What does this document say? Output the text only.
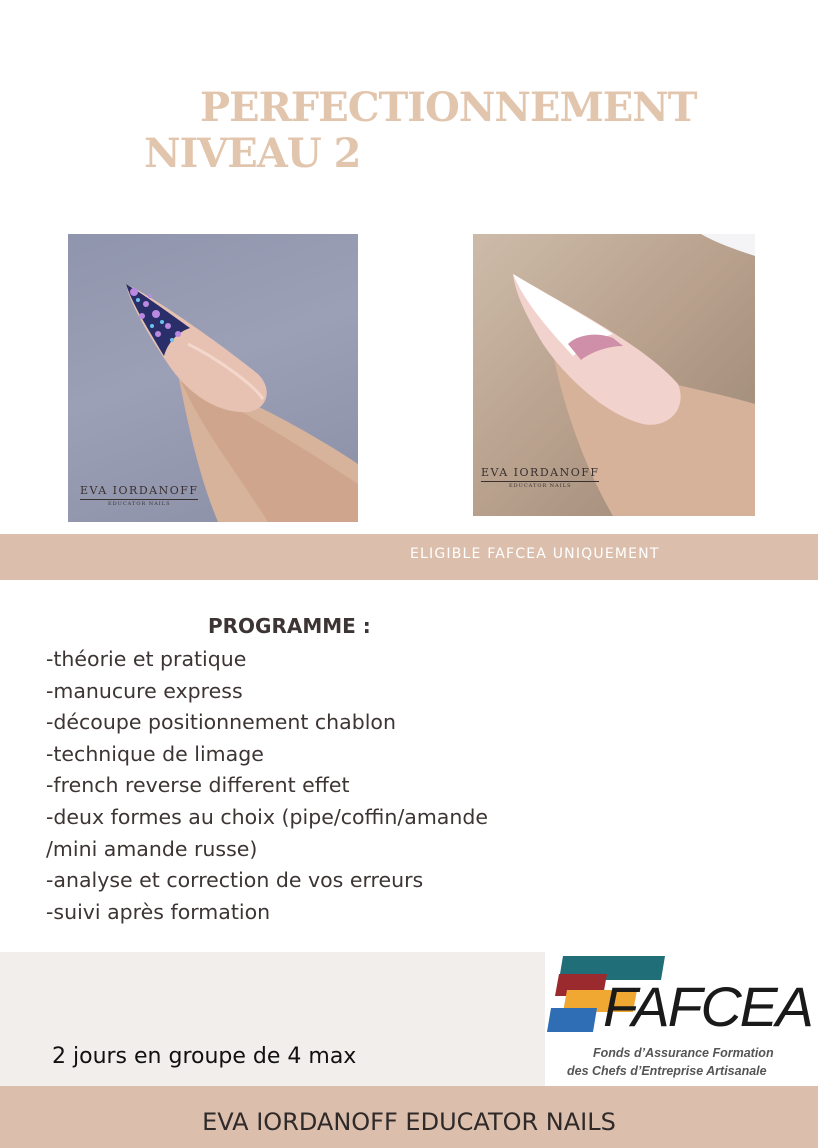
PERFECTIONNEMENT
NIVEAU 2
EVA IORDANOFF
EDUCATOR NAILS
EVA IORDANOFF
EDUCATOR NAILS
ELIGIBLE FAFCEA UNIQUEMENT
PROGRAMME :
-théorie et pratique
-manucure express
-découpe positionnement chablon
-technique de limage
-french reverse different effet
-deux formes au choix (pipe/coffin/amande
/mini amande russe)
-analyse et correction de vos erreurs
-suivi après formation
2 jours en groupe de 4 max
FAFCEA
Fonds d’Assurance Formation
des Chefs d’Entreprise Artisanale
EVA IORDANOFF EDUCATOR NAILS
